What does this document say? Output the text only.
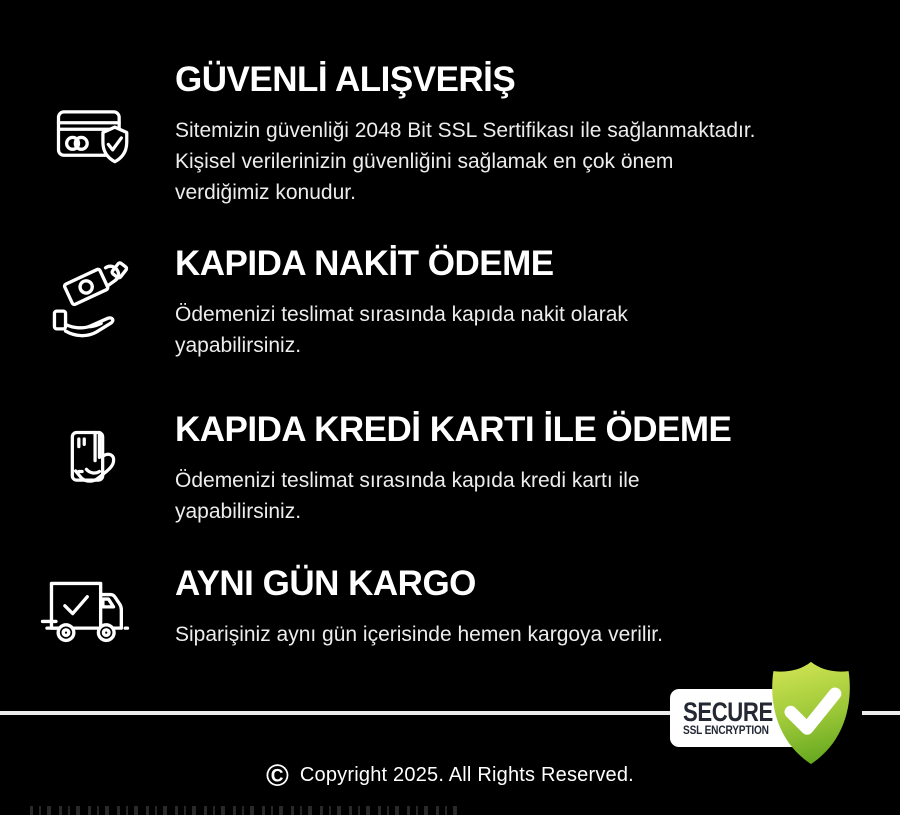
GÜVENLİ ALIŞVERİŞ
Sitemizin güvenliği 2048 Bit SSL Sertifikası ile sağlanmaktadır.
Kişisel verilerinizin güvenliğini sağlamak en çok önem
verdiğimiz konudur.
KAPIDA NAKİT ÖDEME
Ödemenizi teslimat sırasında kapıda nakit olarak
yapabilirsiniz.
KAPIDA KREDİ KARTI İLE ÖDEME
Ödemenizi teslimat sırasında kapıda kredi kartı ile
yapabilirsiniz.
AYNI GÜN KARGO
Siparişiniz aynı gün içerisinde hemen kargoya verilir.
SECURE
SSL ENCRYPTION
© Copyright 2025. All Rights Reserved.
